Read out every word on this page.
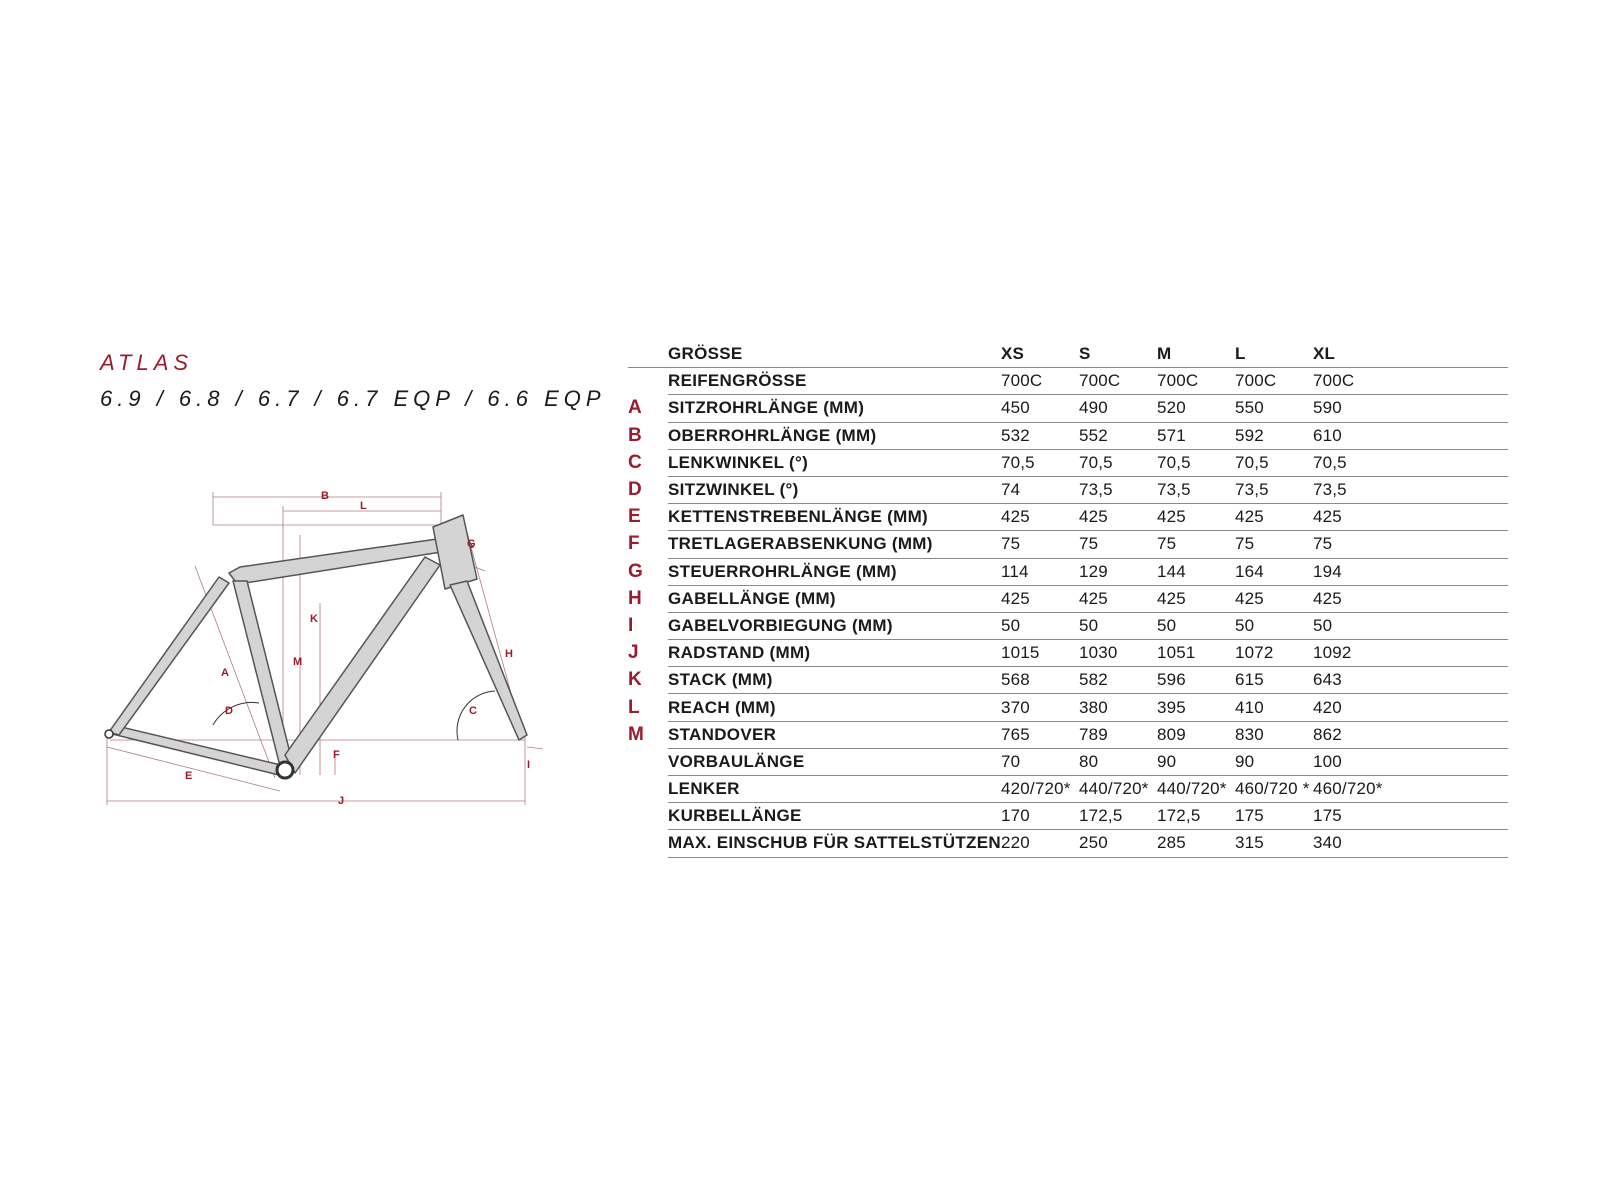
ATLAS
6.9 / 6.8 / 6.7 / 6.7 EQP / 6.6 EQP
B
L
G
K
M
H
A
D	C
F
I
E
J
	GRÖSSE	XS	S	M	L	XL	
	REIFENGRÖSSE	700C	700C	700C	700C	700C	
A	SITZROHRLÄNGE (MM)	450	490	520	550	590	
B	OBERROHRLÄNGE (MM)	532	552	571	592	610	
C	LENKWINKEL (°)	70,5	70,5	70,5	70,5	70,5	
D	SITZWINKEL (°)	74	73,5	73,5	73,5	73,5	
E	KETTENSTREBENLÄNGE (MM)	425	425	425	425	425	
F	TRETLAGERABSENKUNG (MM)	75	75	75	75	75	
G	STEUERROHRLÄNGE (MM)	114	129	144	164	194	
H	GABELLÄNGE (MM)	425	425	425	425	425	
I	GABELVORBIEGUNG (MM)	50	50	50	50	50	
J	RADSTAND (MM)	1015	1030	1051	1072	1092	
K	STACK (MM)	568	582	596	615	643	
L	REACH (MM)	370	380	395	410	420	
M	STANDOVER	765	789	809	830	862	
	VORBAULÄNGE	70	80	90	90	100	
	LENKER	420/720*	440/720*	440/720*	460/720 *	460/720*	
	KURBELLÄNGE	170	172,5	172,5	175	175	
	MAX. EINSCHUB FÜR SATTELSTÜTZEN	220	250	285	315	340	
